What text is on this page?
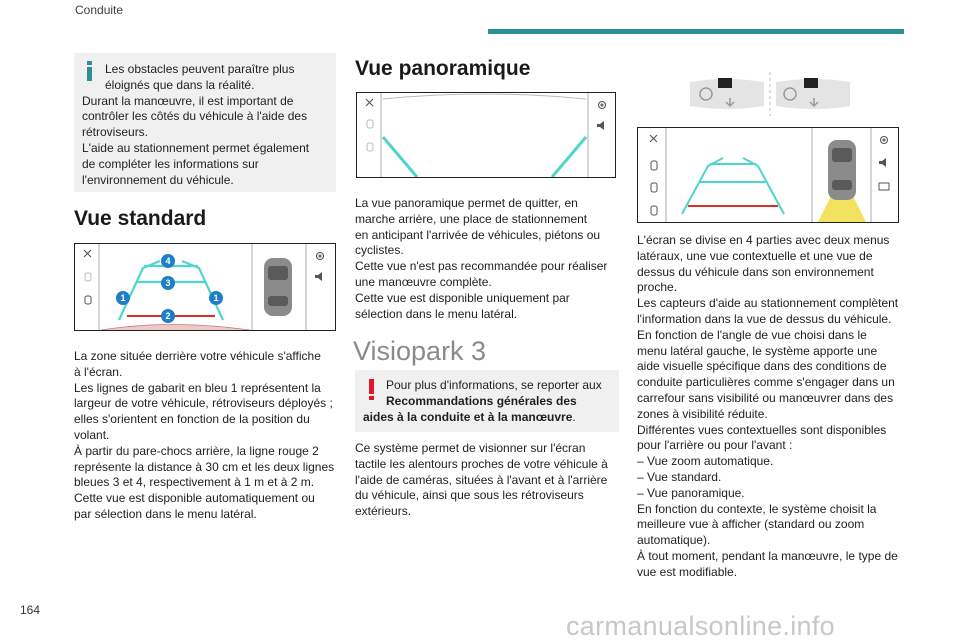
Conduite

Les obstacles peuvent paraître plus

éloignés que dans la réalité.

Durant la manœuvre, il est important de

contrôler les côtés du véhicule à l'aide des

rétroviseurs.

L'aide au stationnement permet également

de compléter les informations sur

l'environnement du véhicule.

Vue standard
4
3
1	1
2

La zone située derrière votre véhicule s'affiche

à l'écran.

Les lignes de gabarit en bleu 1 représentent la

largeur de votre véhicule, rétroviseurs déployés ;

elles s'orientent en fonction de la position du

volant.

À partir du pare-chocs arrière, la ligne rouge 2

représente la distance à 30 cm et les deux lignes

bleues 3 et 4, respectivement à 1 m et à 2 m.

Cette vue est disponible automatiquement ou

par sélection dans le menu latéral.

Vue panoramique

La vue panoramique permet de quitter, en

marche arrière, une place de stationnement

en anticipant l'arrivée de véhicules, piétons ou

cyclistes.

Cette vue n'est pas recommandée pour réaliser

une manœuvre complète.

Cette vue est disponible uniquement par

sélection dans le menu latéral.

Visiopark 3

Pour plus d'informations, se reporter aux

Recommandations générales des

aides à la conduite et à la manœuvre.

Ce système permet de visionner sur l'écran

tactile les alentours proches de votre véhicule à

l'aide de caméras, situées à l'avant et à l'arrière

du véhicule, ainsi que sous les rétroviseurs

extérieurs.

L'écran se divise en 4 parties avec deux menus

latéraux, une vue contextuelle et une vue de

dessus du véhicule dans son environnement

proche.

Les capteurs d'aide au stationnement complètent

l'information dans la vue de dessus du véhicule.

En fonction de l'angle de vue choisi dans le

menu latéral gauche, le système apporte une

aide visuelle spécifique dans des conditions de

conduite particulières comme s'engager dans un

carrefour sans visibilité ou manœuvrer dans des

zones à visibilité réduite.

Différentes vues contextuelles sont disponibles

pour l'arrière ou pour l'avant :

– Vue zoom automatique.

– Vue standard.

– Vue panoramique.

En fonction du contexte, le système choisit la

meilleure vue à afficher (standard ou zoom

automatique).

À tout moment, pendant la manœuvre, le type de

vue est modifiable.

164
carmanualsonline.info
